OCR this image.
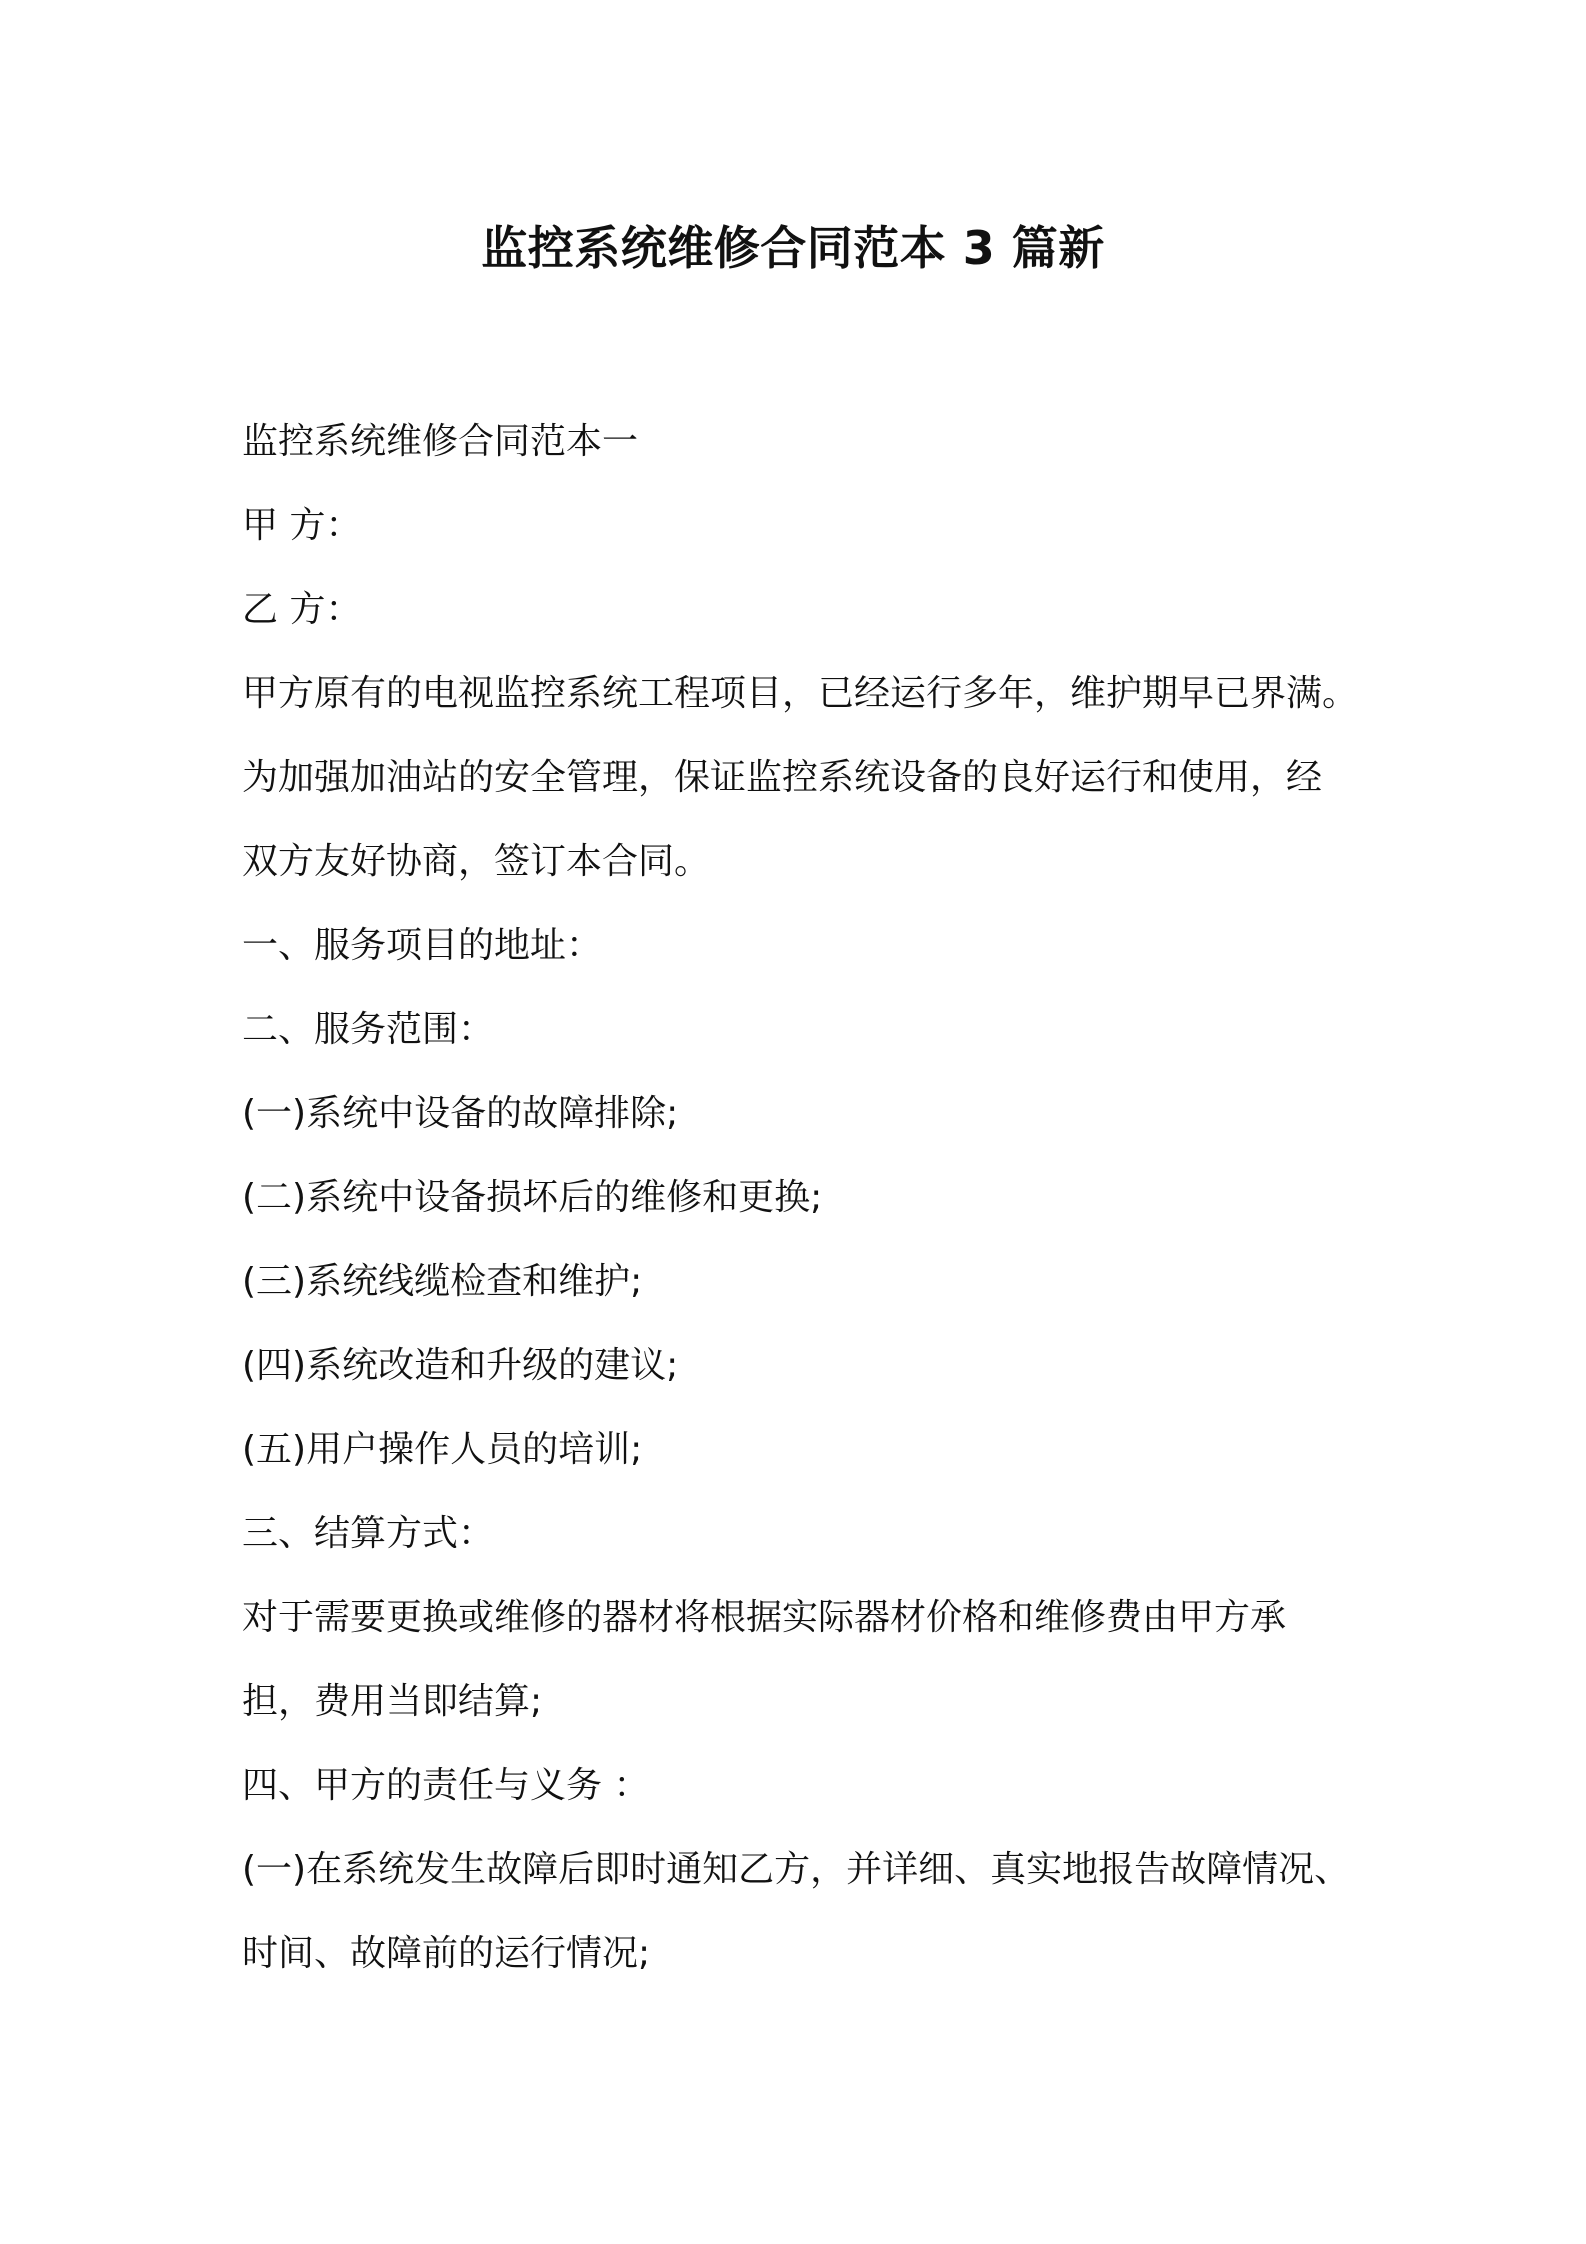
监控系统维修合同范本 3 篇新

监控系统维修合同范本一

甲 方：

乙 方：

甲方原有的电视监控系统工程项目，已经运行多年，维护期早已界满。

为加强加油站的安全管理，保证监控系统设备的良好运行和使用，经

双方友好协商，签订本合同。

一、服务项目的地址：

二、服务范围：

(一)系统中设备的故障排除;

(二)系统中设备损坏后的维修和更换;

(三)系统线缆检查和维护;

(四)系统改造和升级的建议;

(五)用户操作人员的培训;

三、结算方式：

对于需要更换或维修的器材将根据实际器材价格和维修费由甲方承

担，费用当即结算;

四、甲方的责任与义务 ：

(一)在系统发生故障后即时通知乙方，并详细、真实地报告故障情况、

时间、故障前的运行情况;
